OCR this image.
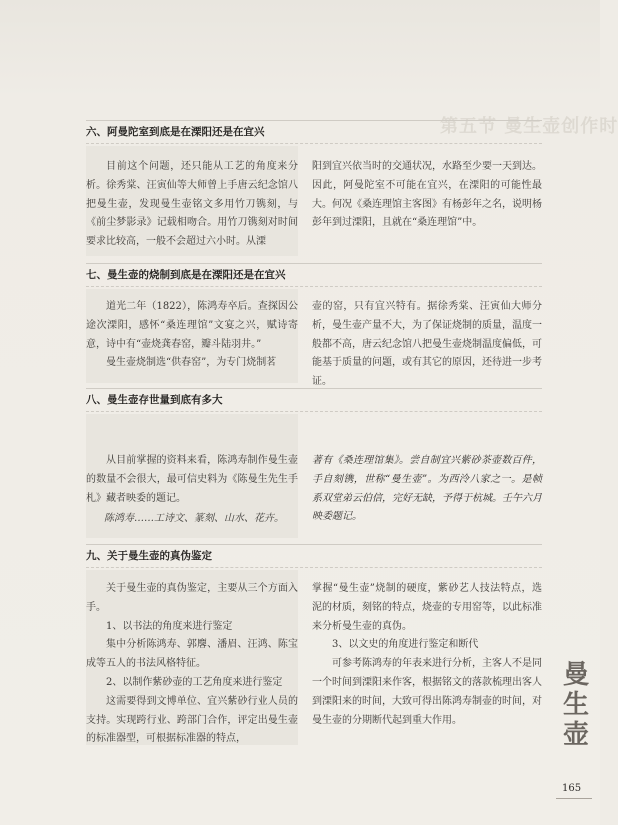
第五节 曼生壶创作时
六、阿曼陀室到底是在溧阳还是在宜兴

目前这个问题，还只能从工艺的角度来分析。徐秀棠、汪寅仙等大师曾上手唐云纪念馆八把曼生壶，发现曼生壶铭文多用竹刀镌刻，与《前尘梦影录》记载相吻合。用竹刀镌刻对时间要求比较高，一般不会超过六小时。从溧

阳到宜兴依当时的交通状况，水路至少要一天到达。因此，阿曼陀室不可能在宜兴，在溧阳的可能性最大。何况《桑连理馆主客图》有杨彭年之名，说明杨彭年到过溧阳，且就在“桑连理馆”中。

七、曼生壶的烧制到底是在溧阳还是在宜兴

道光二年（1822），陈鸿寿卒后。查探因公途次溧阳，感怀“桑连理馆”文宴之兴，赋诗寄意，诗中有“壶烧龚春窑，瓣斗陆羽井。”

曼生壶烧制选“供春窑”，为专门烧制茗

壶的窑，只有宜兴特有。据徐秀棠、汪寅仙大师分析，曼生壶产量不大，为了保证烧制的质量，温度一般都不高，唐云纪念馆八把曼生壶烧制温度偏低，可能基于质量的问题，或有其它的原因，还待进一步考证。

八、曼生壶存世量到底有多大

从目前掌握的资料来看，陈鸿寿制作曼生壶的数量不会很大，最可信史料为《陈曼生先生手札》藏者映委的题记。

陈鸿寿……工诗文、篆刻、山水、花卉。

著有《桑连理馆集》。尝自制宜兴紫砂茶壶数百件，手自刻镌，世称“曼生壶”。为西泠八家之一。是帧系双堂弟云伯信，完好无缺，予得于杭城。壬午六月映委题记。

九、关于曼生壶的真伪鉴定

关于曼生壶的真伪鉴定，主要从三个方面入手。

1、以书法的角度来进行鉴定

集中分析陈鸿寿、郭麐、潘眉、汪鸿、陈宝成等五人的书法风格特征。

2、以制作紫砂壶的工艺角度来进行鉴定

这需要得到文博单位、宜兴紫砂行业人员的支持。实现跨行业、跨部门合作，评定出曼生壶的标准器型，可根据标准器的特点，

掌握“曼生壶”烧制的硬度，紫砂艺人技法特点，选泥的材质，刻铭的特点，烧壶的专用窑等，以此标准来分析曼生壶的真伪。

3、以文史的角度进行鉴定和断代

可参考陈鸿寿的年表来进行分析，主客人不是同一个时间到溧阳来作客，根据铭文的落款梳理出客人到溧阳来的时间，大致可得出陈鸿寿制壶的时间，对曼生壶的分期断代起到重大作用。

曼
生
壶
165
